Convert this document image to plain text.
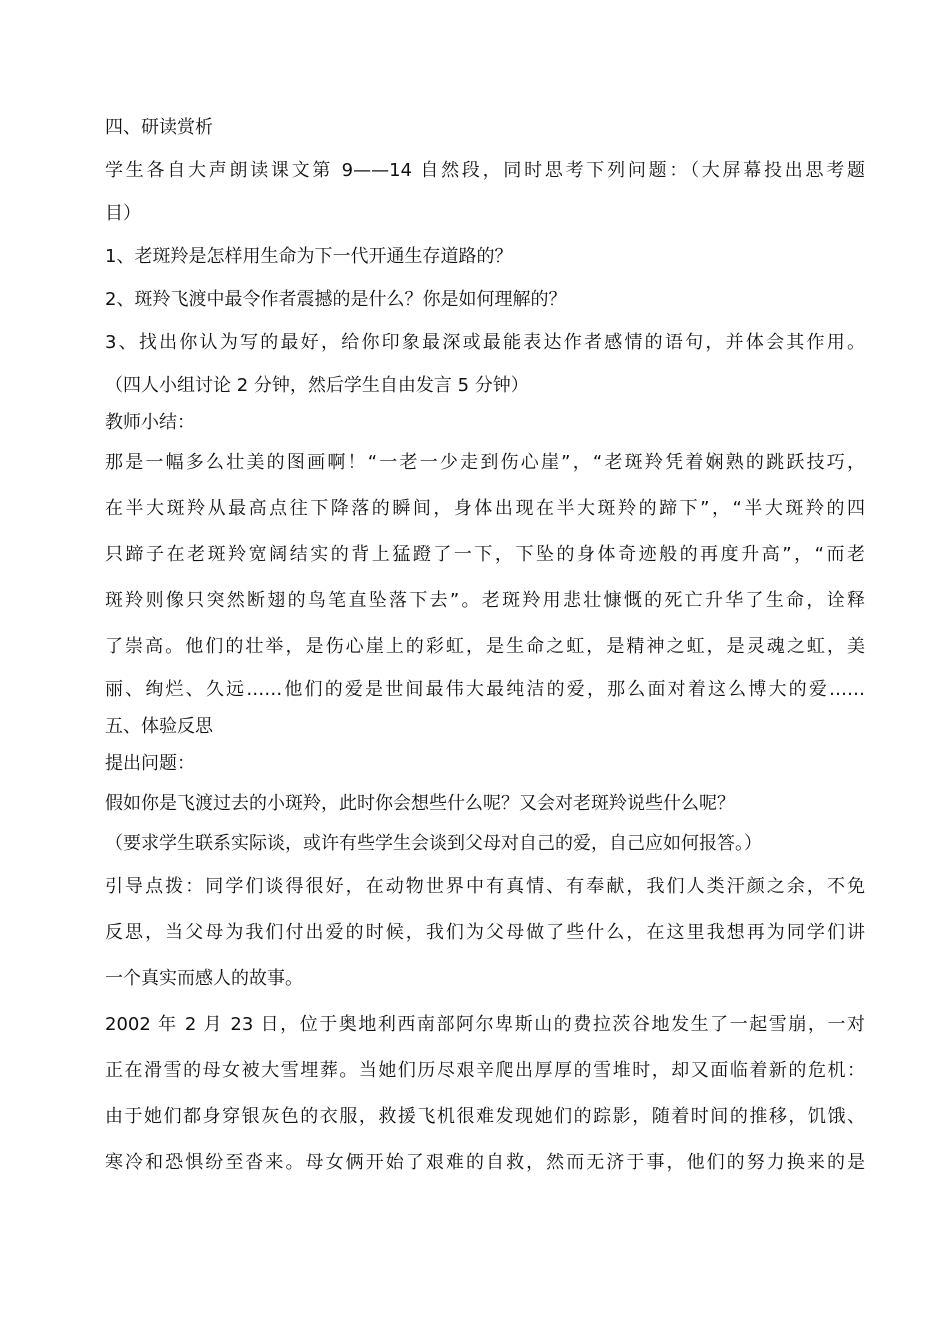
四、研读赏析

学生各自大声朗读课文第 9——14 自然段，同时思考下列问题：（大屏幕投出思考题

目）

1、老斑羚是怎样用生命为下一代开通生存道路的？

2、斑羚飞渡中最令作者震撼的是什么？你是如何理解的？

3、找出你认为写的最好，给你印象最深或最能表达作者感情的语句，并体会其作用。

（四人小组讨论 2 分钟，然后学生自由发言 5 分钟）

教师小结：

那是一幅多么壮美的图画啊！“一老一少走到伤心崖”，“老斑羚凭着娴熟的跳跃技巧，

在半大斑羚从最高点往下降落的瞬间，身体出现在半大斑羚的蹄下”，“半大斑羚的四

只蹄子在老斑羚宽阔结实的背上猛蹬了一下，下坠的身体奇迹般的再度升高”，“而老

斑羚则像只突然断翅的鸟笔直坠落下去”。老斑羚用悲壮慷慨的死亡升华了生命，诠释

了崇高。他们的壮举，是伤心崖上的彩虹，是生命之虹，是精神之虹，是灵魂之虹，美

丽、绚烂、久远……他们的爱是世间最伟大最纯洁的爱，那么面对着这么博大的爱……

五、体验反思

提出问题：

假如你是飞渡过去的小斑羚，此时你会想些什么呢？又会对老斑羚说些什么呢？

（要求学生联系实际谈，或许有些学生会谈到父母对自己的爱，自己应如何报答。）

引导点拨：同学们谈得很好，在动物世界中有真情、有奉献，我们人类汗颜之余，不免

反思，当父母为我们付出爱的时候，我们为父母做了些什么，在这里我想再为同学们讲

一个真实而感人的故事。

2002 年 2 月 23 日，位于奥地利西南部阿尔卑斯山的费拉茨谷地发生了一起雪崩，一对

正在滑雪的母女被大雪埋葬。当她们历尽艰辛爬出厚厚的雪堆时，却又面临着新的危机：

由于她们都身穿银灰色的衣服，救援飞机很难发现她们的踪影，随着时间的推移，饥饿、

寒冷和恐惧纷至沓来。母女俩开始了艰难的自救，然而无济于事，他们的努力换来的是
